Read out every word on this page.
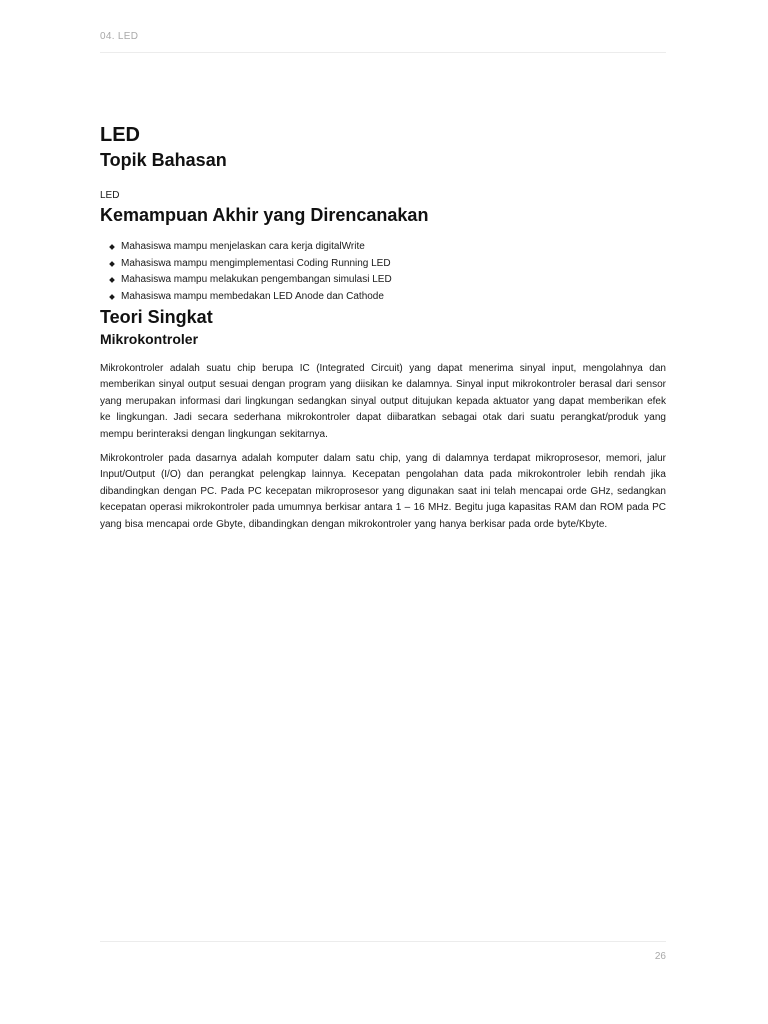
04. LED
LED
Topik Bahasan

LED

Kemampuan Akhir yang Direncanakan
Mahasiswa mampu menjelaskan cara kerja digitalWrite
Mahasiswa mampu mengimplementasi Coding Running LED
Mahasiswa mampu melakukan pengembangan simulasi LED
Mahasiswa mampu membedakan LED Anode dan Cathode
Teori Singkat
Mikrokontroler

Mikrokontroler adalah suatu chip berupa IC (Integrated Circuit) yang dapat menerima sinyal input, mengolahnya dan memberikan sinyal output sesuai dengan program yang diisikan ke dalamnya. Sinyal input mikrokontroler berasal dari sensor yang merupakan informasi dari lingkungan sedangkan sinyal output ditujukan kepada aktuator yang dapat memberikan efek ke lingkungan. Jadi secara sederhana mikrokontroler dapat diibaratkan sebagai otak dari suatu perangkat/produk yang mempu berinteraksi dengan lingkungan sekitarnya.

Mikrokontroler pada dasarnya adalah komputer dalam satu chip, yang di dalamnya terdapat mikroprosesor, memori, jalur Input/Output (I/O) dan perangkat pelengkap lainnya. Kecepatan pengolahan data pada mikrokontroler lebih rendah jika dibandingkan dengan PC. Pada PC kecepatan mikroprosesor yang digunakan saat ini telah mencapai orde GHz, sedangkan kecepatan operasi mikrokontroler pada umumnya berkisar antara 1 – 16 MHz. Begitu juga kapasitas RAM dan ROM pada PC yang bisa mencapai orde Gbyte, dibandingkan dengan mikrokontroler yang hanya berkisar pada orde byte/Kbyte.

26
